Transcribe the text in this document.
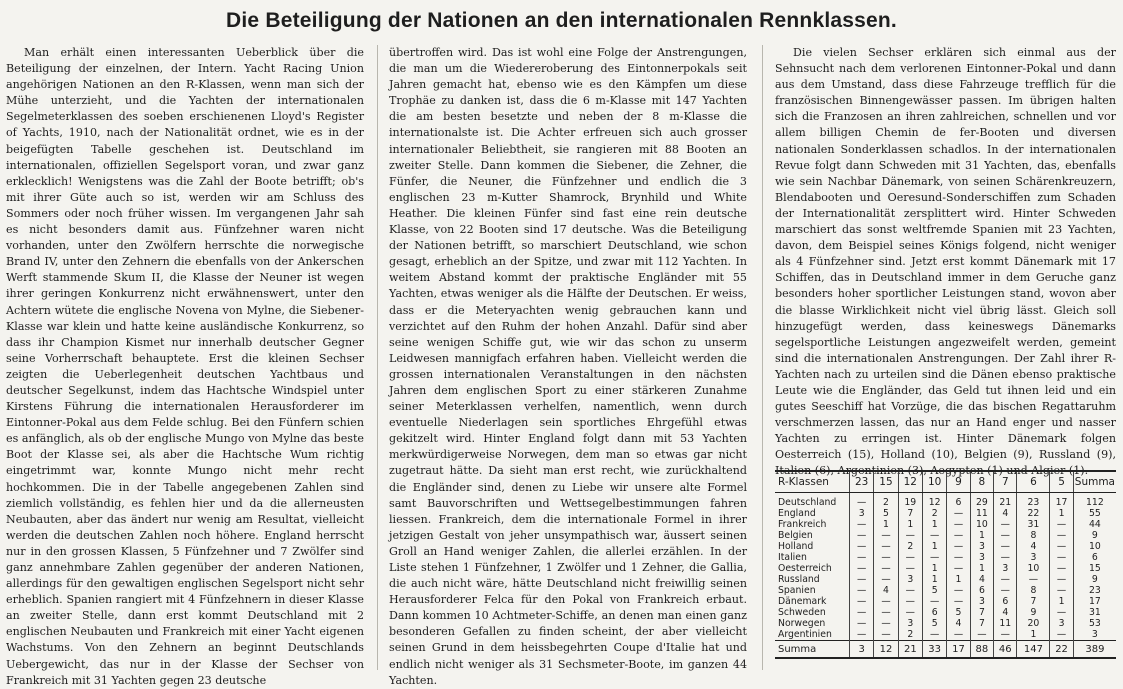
Die Beteiligung der Nationen an den internationalen Rennklassen.

Man erhält einen interessanten Ueberblick über die Beteiligung der einzelnen, der Intern. Yacht Racing Union angehörigen Nationen an den R-Klassen, wenn man sich der Mühe unterzieht, und die Yachten der internationalen Segelmeterklassen des soeben erschienenen Lloyd's Register of Yachts, 1910, nach der Nationalität ordnet, wie es in der beigefügten Tabelle geschehen ist. Deutschland im internationalen, offiziellen Segelsport voran, und zwar ganz erklecklich! Wenigstens was die Zahl der Boote betrifft; ob's mit ihrer Güte auch so ist, werden wir am Schluss des Sommers oder noch früher wissen. Im vergangenen Jahr sah es nicht besonders damit aus. Fünfzehner waren nicht vorhanden, unter den Zwölfern herrschte die norwegische Brand IV, unter den Zehnern die ebenfalls von der Ankerschen Werft stammende Skum II, die Klasse der Neuner ist wegen ihrer geringen Konkurrenz nicht erwähnenswert, unter den Achtern wütete die englische Novena von Mylne, die Siebener-Klasse war klein und hatte keine ausländische Konkurrenz, so dass ihr Champion Kismet nur innerhalb deutscher Gegner seine Vorherrschaft behauptete. Erst die kleinen Sechser zeigten die Ueberlegenheit deutschen Yachtbaus und deutscher Segelkunst, indem das Hachtsche Windspiel unter Kirstens Führung die internationalen Herausforderer im Eintonner-Pokal aus dem Felde schlug. Bei den Fünfern schien es anfänglich, als ob der englische Mungo von Mylne das beste Boot der Klasse sei, als aber die Hachtsche Wum richtig eingetrimmt war, konnte Mungo nicht mehr recht hochkommen. Die in der Tabelle angegebenen Zahlen sind ziemlich vollständig, es fehlen hier und da die allerneusten Neubauten, aber das ändert nur wenig am Resultat, vielleicht werden die deutschen Zahlen noch höhere. England herrscht nur in den grossen Klassen, 5 Fünfzehner und 7 Zwölfer sind ganz annehmbare Zahlen gegenüber der anderen Nationen, allerdings für den gewaltigen englischen Segelsport nicht sehr erheblich. Spanien rangiert mit 4 Fünfzehnern in dieser Klasse an zweiter Stelle, dann erst kommt Deutschland mit 2 englischen Neubauten und Frankreich mit einer Yacht eigenen Wachstums. Von den Zehnern an beginnt Deutschlands Uebergewicht, das nur in der Klasse der Sechser von Frankreich mit 31 Yachten gegen 23 deutsche

übertroffen wird. Das ist wohl eine Folge der Anstrengungen, die man um die Wiedereroberung des Eintonnerpokals seit Jahren gemacht hat, ebenso wie es den Kämpfen um diese Trophäe zu danken ist, dass die 6 m-Klasse mit 147 Yachten die am besten besetzte und neben der 8 m-Klasse die internationalste ist. Die Achter erfreuen sich auch grosser internationaler Beliebtheit, sie rangieren mit 88 Booten an zweiter Stelle. Dann kommen die Siebener, die Zehner, die Fünfer, die Neuner, die Fünfzehner und endlich die 3 englischen 23 m-Kutter Shamrock, Brynhild und White Heather. Die kleinen Fünfer sind fast eine rein deutsche Klasse, von 22 Booten sind 17 deutsche. Was die Beteiligung der Nationen betrifft, so marschiert Deutschland, wie schon gesagt, erheblich an der Spitze, und zwar mit 112 Yachten. In weitem Abstand kommt der praktische Engländer mit 55 Yachten, etwas weniger als die Hälfte der Deutschen. Er weiss, dass er die Meteryachten wenig gebrauchen kann und verzichtet auf den Ruhm der hohen Anzahl. Dafür sind aber seine wenigen Schiffe gut, wie wir das schon zu unserm Leidwesen mannigfach erfahren haben. Vielleicht werden die grossen internationalen Veranstaltungen in den nächsten Jahren dem englischen Sport zu einer stärkeren Zunahme seiner Meterklassen verhelfen, namentlich, wenn durch eventuelle Niederlagen sein sportliches Ehrgefühl etwas gekitzelt wird. Hinter England folgt dann mit 53 Yachten merkwürdigerweise Norwegen, dem man so etwas gar nicht zugetraut hätte. Da sieht man erst recht, wie zurückhaltend die Engländer sind, denen zu Liebe wir unsere alte Formel samt Bauvorschriften und Wettsegelbestimmungen fahren liessen. Frankreich, dem die internationale Formel in ihrer jetzigen Gestalt von jeher unsympathisch war, äussert seinen Groll an Hand weniger Zahlen, die allerlei erzählen. In der Liste stehen 1 Fünfzehner, 1 Zwölfer und 1 Zehner, die Gallia, die auch nicht wäre, hätte Deutschland nicht freiwillig seinen Herausforderer Felca für den Pokal von Frankreich erbaut. Dann kommen 10 Achtmeter-Schiffe, an denen man einen ganz besonderen Gefallen zu finden scheint, der aber vielleicht seinen Grund in dem heissbegehrten Coupe d'Italie hat und endlich nicht weniger als 31 Sechsmeter-Boote, im ganzen 44 Yachten.

Die vielen Sechser erklären sich einmal aus der Sehnsucht nach dem verlorenen Eintonner-Pokal und dann aus dem Umstand, dass diese Fahrzeuge trefflich für die französischen Binnengewässer passen. Im übrigen halten sich die Franzosen an ihren zahlreichen, schnellen und vor allem billigen Chemin de fer-Booten und diversen nationalen Sonderklassen schadlos. In der internationalen Revue folgt dann Schweden mit 31 Yachten, das, ebenfalls wie sein Nachbar Dänemark, von seinen Schärenkreuzern, Blendabooten und Oeresund-Sonderschiffen zum Schaden der Internationalität zersplittert wird. Hinter Schweden marschiert das sonst weltfremde Spanien mit 23 Yachten, davon, dem Beispiel seines Königs folgend, nicht weniger als 4 Fünfzehner sind. Jetzt erst kommt Dänemark mit 17 Schiffen, das in Deutschland immer in dem Geruche ganz besonders hoher sportlicher Leistungen stand, wovon aber die blasse Wirklichkeit nicht viel übrig lässt. Gleich soll hinzugefügt werden, dass keineswegs Dänemarks segelsportliche Leistungen angezweifelt werden, gemeint sind die internationalen Anstrengungen. Der Zahl ihrer R-Yachten nach zu urteilen sind die Dänen ebenso praktische Leute wie die Engländer, das Geld tut ihnen leid und ein gutes Seeschiff hat Vorzüge, die das bischen Regattaruhm verschmerzen lassen, das nur an Hand enger und nasser Yachten zu erringen ist. Hinter Dänemark folgen Oesterreich (15), Holland (10), Belgien (9), Russland (9), Italien (6), Argentinien (3), Aegypten (1) und Algier (1).

R-Klassen	23	15	12	10	9	8	7	6	5	Summa
Deutschland	—	2	19	12	6	29	21	23	17	112
England	3	5	7	2	—	11	4	22	1	55
Frankreich	—	1	1	1	—	10	—	31	—	44
Belgien	—	—	—	—	—	1	—	8	—	9
Holland	—	—	2	1	—	3	—	4	—	10
Italien	—	—	—	—	—	3	—	3	—	6
Oesterreich	—	—	—	1	—	1	3	10	—	15
Russland	—	—	3	1	1	4	—	—	—	9
Spanien	—	4	—	5	—	6	—	8	—	23
Dänemark	—	—	—	—	—	3	6	7	1	17
Schweden	—	—	—	6	5	7	4	9	—	31
Norwegen	—	—	3	5	4	7	11	20	3	53
Argentinien	—	—	2	—	—	—	—	1	—	3
Summa	3	12	21	33	17	88	46	147	22	389
